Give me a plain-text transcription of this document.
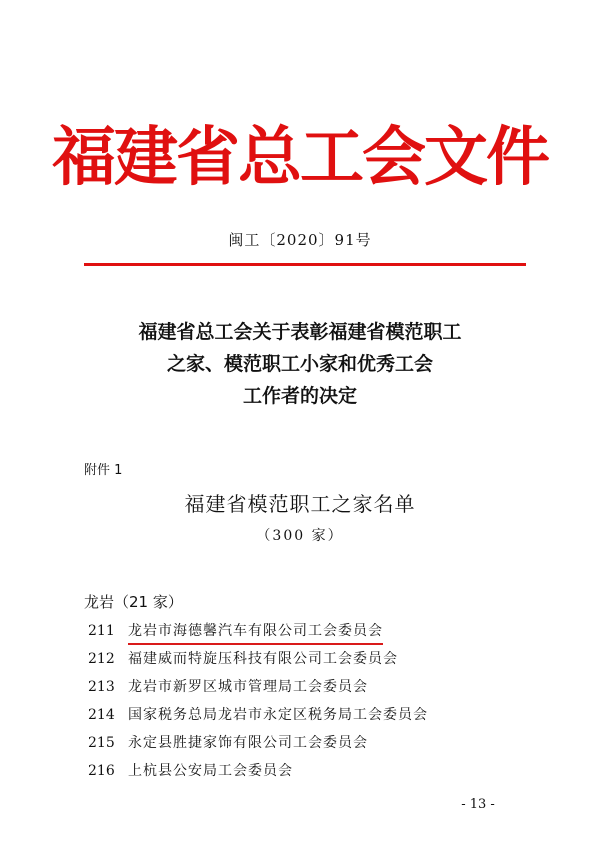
福建省总工会文件
闽工〔2020〕91号
福建省总工会关于表彰福建省模范职工
之家、模范职工小家和优秀工会
工作者的决定
附件 1
福建省模范职工之家名单
（300 家）
龙岩（21 家）
211 龙岩市海德馨汽车有限公司工会委员会
212 福建威而特旋压科技有限公司工会委员会
213 龙岩市新罗区城市管理局工会委员会
214 国家税务总局龙岩市永定区税务局工会委员会
215 永定县胜捷家饰有限公司工会委员会
216 上杭县公安局工会委员会
- 13 -
